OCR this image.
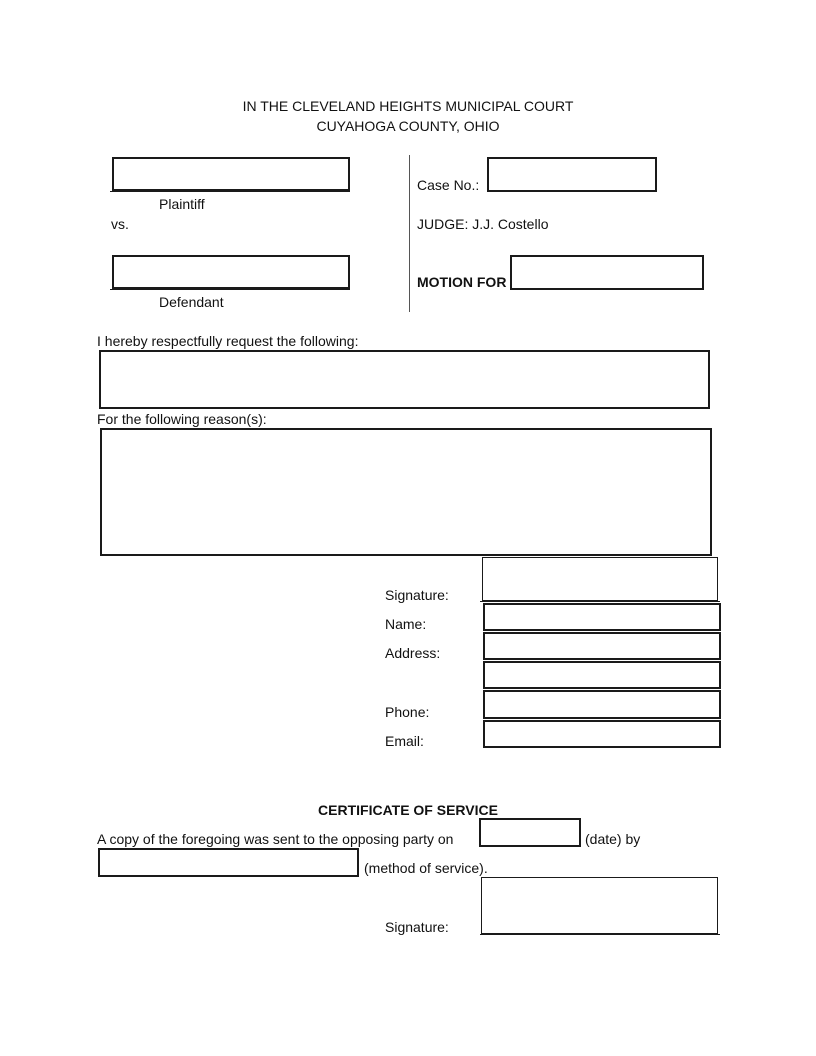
IN THE CLEVELAND HEIGHTS MUNICIPAL COURT
CUYAHOGA COUNTY, OHIO
Plaintiff
vs.
Defendant
Case No.:
JUDGE: J.J. Costello
MOTION FOR
I hereby respectfully request the following:
For the following reason(s):
Signature:
Name:
Address:
Phone:
Email:
CERTIFICATE OF SERVICE
A copy of the foregoing was sent to the opposing party on	(date) by
(method of service).
Signature:
